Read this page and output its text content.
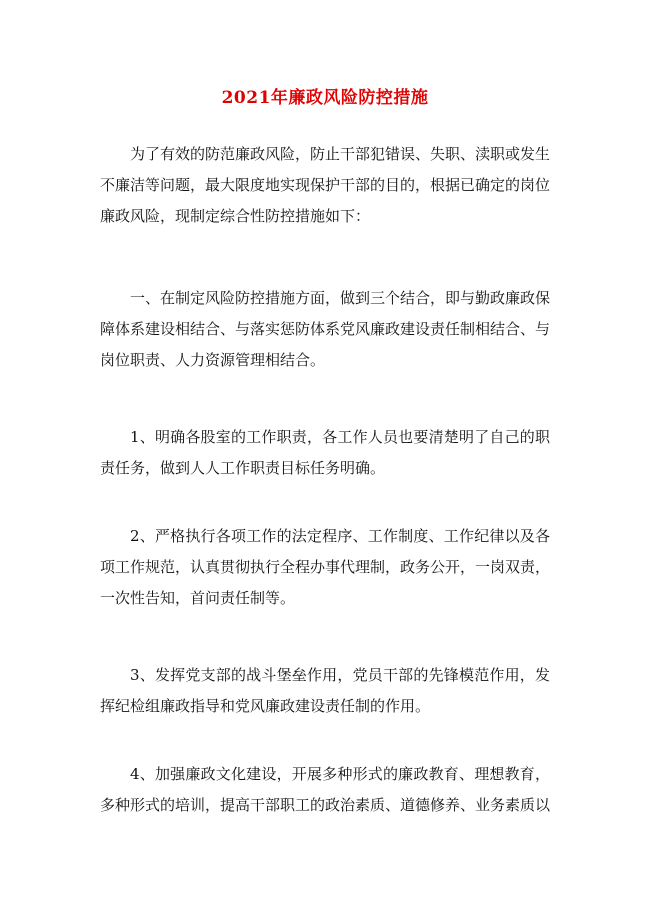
2021年廉政风险防控措施

为了有效的防范廉政风险，防止干部犯错误、失职、渎职或发生不廉洁等问题，最大限度地实现保护干部的目的，根据已确定的岗位廉政风险，现制定综合性防控措施如下：

一、在制定风险防控措施方面，做到三个结合，即与勤政廉政保障体系建设相结合、与落实惩防体系党风廉政建设责任制相结合、与岗位职责、人力资源管理相结合。

1、明确各股室的工作职责，各工作人员也要清楚明了自己的职责任务，做到人人工作职责目标任务明确。

2、严格执行各项工作的法定程序、工作制度、工作纪律以及各项工作规范，认真贯彻执行全程办事代理制，政务公开，一岗双责，一次性告知，首问责任制等。

3、发挥党支部的战斗堡垒作用，党员干部的先锋模范作用，发挥纪检组廉政指导和党风廉政建设责任制的作用。

4、加强廉政文化建设，开展多种形式的廉政教育、理想教育，多种形式的培训，提高干部职工的政治素质、道德修养、业务素质以
